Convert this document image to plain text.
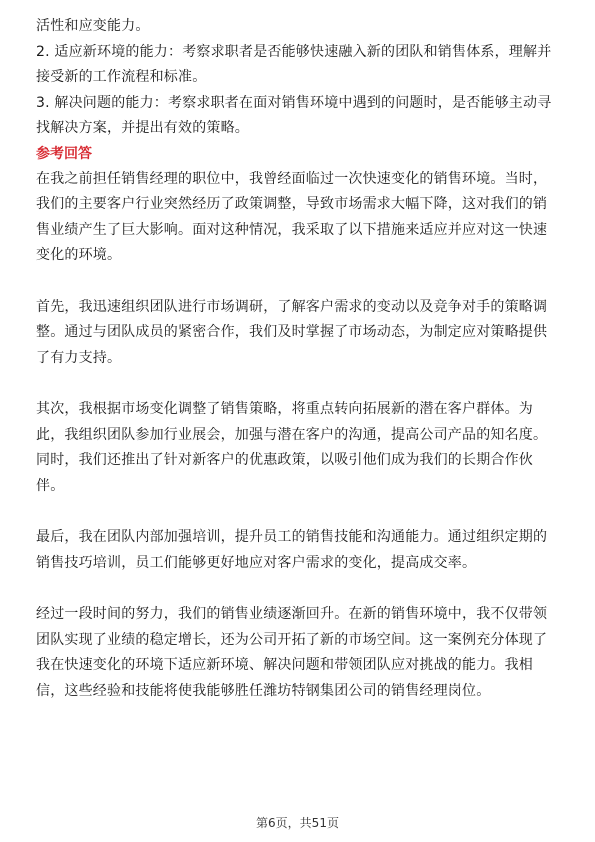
活性和应变能力。

2. 适应新环境的能力：考察求职者是否能够快速融入新的团队和销售体系，理解并

接受新的工作流程和标准。

3. 解决问题的能力：考察求职者在面对销售环境中遇到的问题时，是否能够主动寻

找解决方案，并提出有效的策略。

参考回答

在我之前担任销售经理的职位中，我曾经面临过一次快速变化的销售环境。当时，

我们的主要客户行业突然经历了政策调整，导致市场需求大幅下降，这对我们的销

售业绩产生了巨大影响。面对这种情况，我采取了以下措施来适应并应对这一快速

变化的环境。

首先，我迅速组织团队进行市场调研，了解客户需求的变动以及竞争对手的策略调

整。通过与团队成员的紧密合作，我们及时掌握了市场动态，为制定应对策略提供

了有力支持。

其次，我根据市场变化调整了销售策略，将重点转向拓展新的潜在客户群体。为

此，我组织团队参加行业展会，加强与潜在客户的沟通，提高公司产品的知名度。

同时，我们还推出了针对新客户的优惠政策，以吸引他们成为我们的长期合作伙

伴。

最后，我在团队内部加强培训，提升员工的销售技能和沟通能力。通过组织定期的

销售技巧培训，员工们能够更好地应对客户需求的变化，提高成交率。

经过一段时间的努力，我们的销售业绩逐渐回升。在新的销售环境中，我不仅带领

团队实现了业绩的稳定增长，还为公司开拓了新的市场空间。这一案例充分体现了

我在快速变化的环境下适应新环境、解决问题和带领团队应对挑战的能力。我相

信，这些经验和技能将使我能够胜任潍坊特钢集团公司的销售经理岗位。

第6页，共51页
